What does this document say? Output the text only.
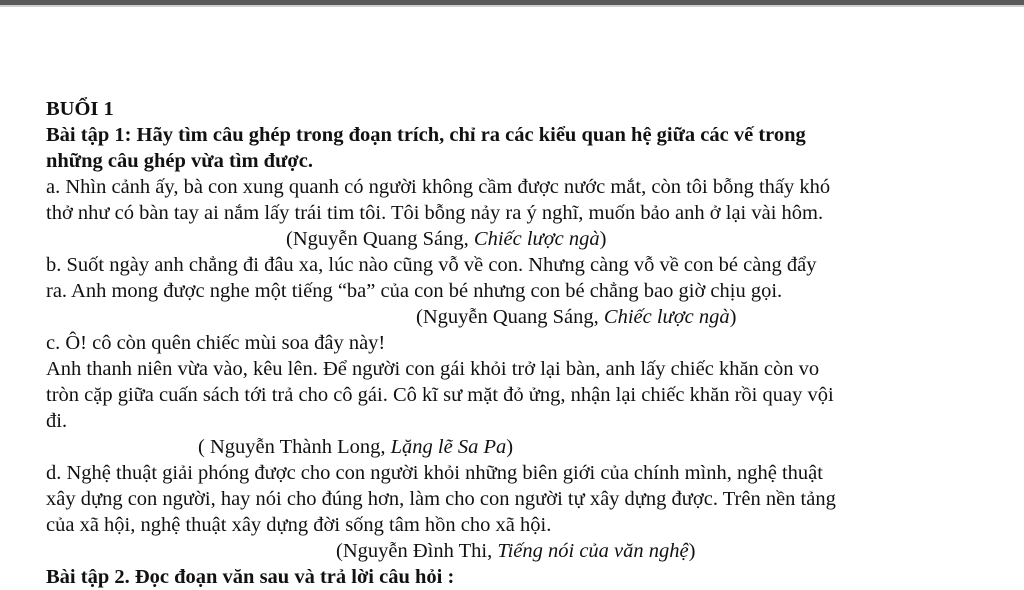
BUỔI 1
Bài tập 1: Hãy tìm câu ghép trong đoạn trích, chỉ ra các kiểu quan hệ giữa các vế trong
những câu ghép vừa tìm được.
a. Nhìn cảnh ấy, bà con xung quanh có người không cầm được nước mắt, còn tôi bỗng thấy khó
thở như có bàn tay ai nắm lấy trái tim tôi. Tôi bỗng nảy ra ý nghĩ, muốn bảo anh ở lại vài hôm.
(Nguyễn Quang Sáng, Chiếc lược ngà)
b. Suốt ngày anh chẳng đi đâu xa, lúc nào cũng vỗ về con. Nhưng càng vỗ về con bé càng đẩy
ra. Anh mong được nghe một tiếng “ba” của con bé nhưng con bé chẳng bao giờ chịu gọi.
(Nguyễn Quang Sáng, Chiếc lược ngà)
c. Ô! cô còn quên chiếc mùi soa đây này!
Anh thanh niên vừa vào, kêu lên. Để người con gái khỏi trở lại bàn, anh lấy chiếc khăn còn vo
tròn cặp giữa cuấn sách tới trả cho cô gái. Cô kĩ sư mặt đỏ ửng, nhận lại chiếc khăn rồi quay vội
đi.
( Nguyễn Thành Long, Lặng lẽ Sa Pa)
d. Nghệ thuật giải phóng được cho con người khỏi những biên giới của chính mình, nghệ thuật
xây dựng con người, hay nói cho đúng hơn, làm cho con người tự xây dựng được. Trên nền tảng
của xã hội, nghệ thuật xây dựng đời sống tâm hồn cho xã hội.
(Nguyễn Đình Thi, Tiếng nói của văn nghệ)
Bài tập 2. Đọc đoạn văn sau và trả lời câu hỏi :
